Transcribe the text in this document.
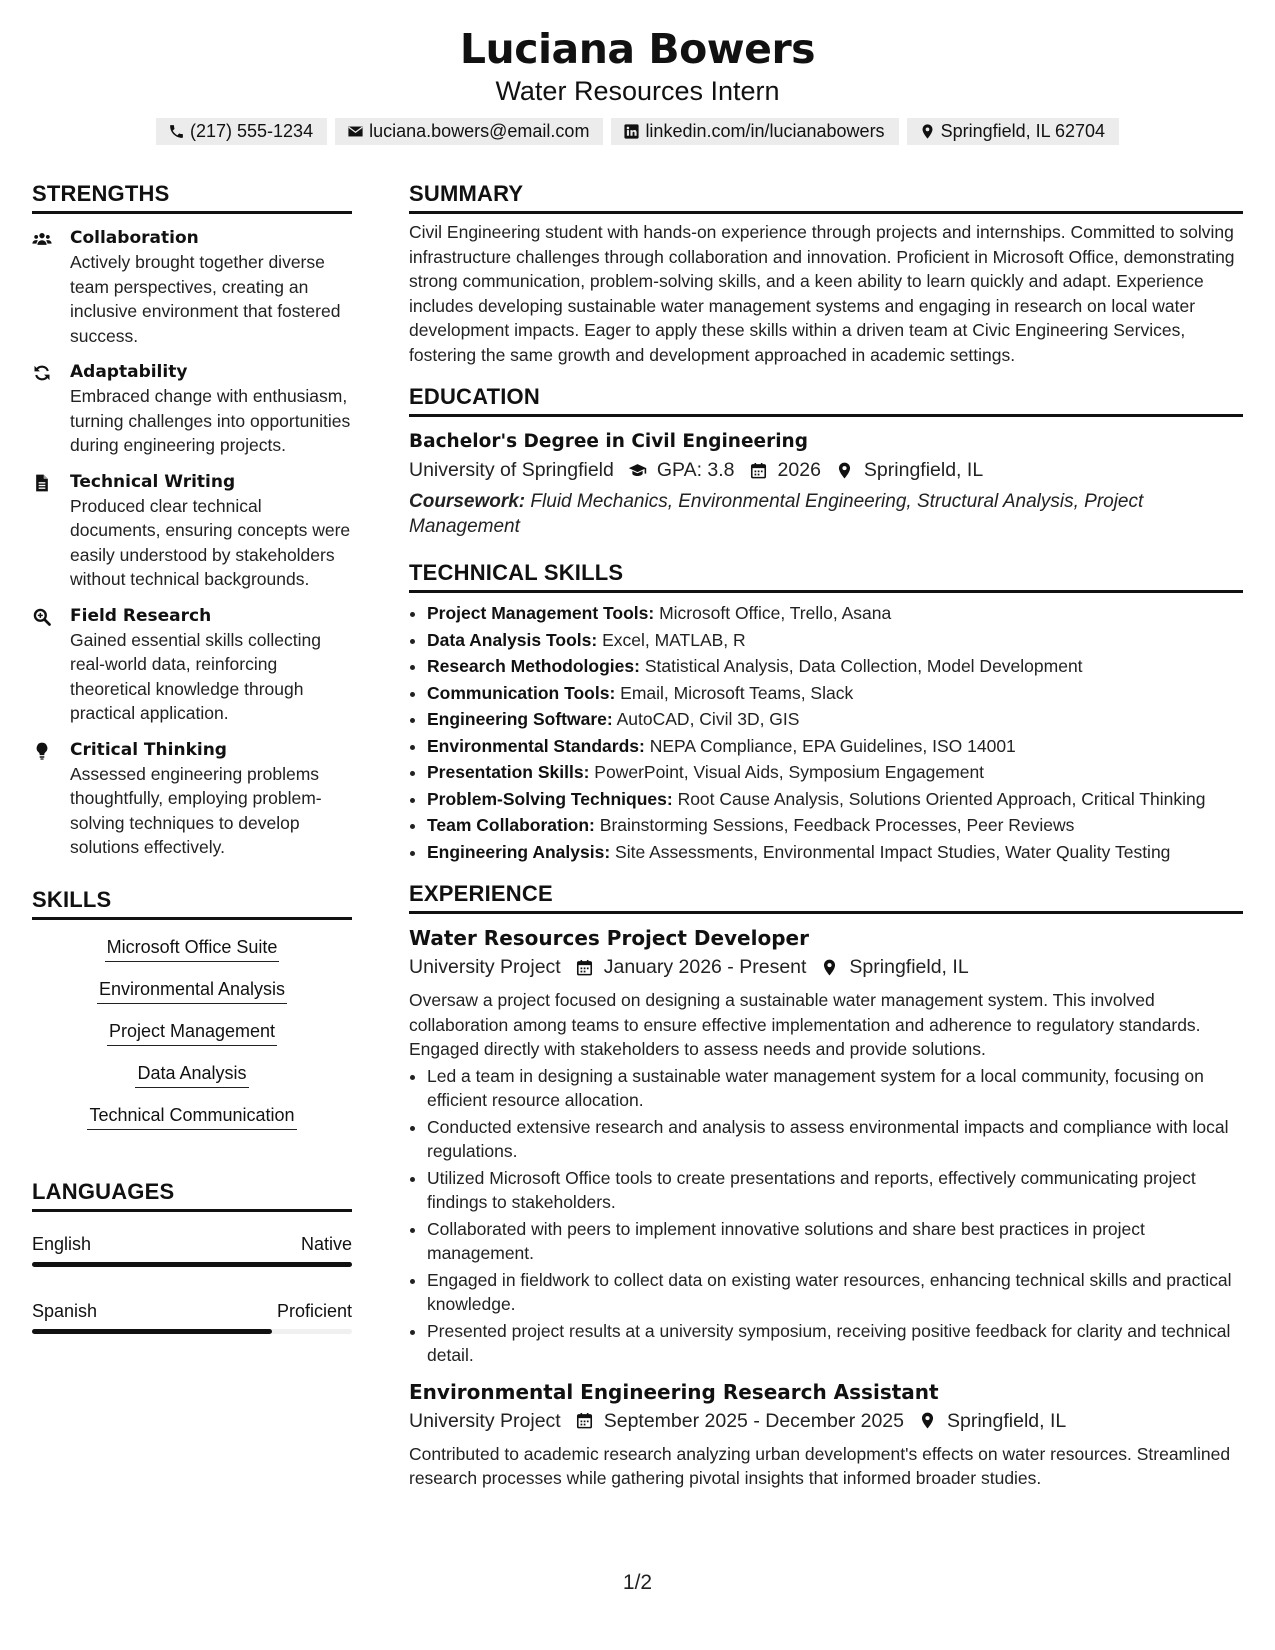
Luciana Bowers
Water Resources Intern
(217) 555-1234	luciana.bowers@email.com	linkedin.com/in/lucianabowers	Springfield, IL 62704
STRENGTHS
Collaboration
Actively brought together diverse team perspectives, creating an inclusive environment that fostered success.
Adaptability
Embraced change with enthusiasm, turning challenges into opportunities during engineering projects.
Technical Writing
Produced clear technical documents, ensuring concepts were easily understood by stakeholders without technical backgrounds.
Field Research
Gained essential skills collecting real-world data, reinforcing theoretical knowledge through practical application.
Critical Thinking
Assessed engineering problems thoughtfully, employing problem-solving techniques to develop solutions effectively.
SKILLS
Microsoft Office Suite
Environmental Analysis
Project Management
Data Analysis
Technical Communication
LANGUAGES
English	Native
Spanish	Proficient
SUMMARY
Civil Engineering student with hands-on experience through projects and internships. Committed to solving infrastructure challenges through collaboration and innovation. Proficient in Microsoft Office, demonstrating strong communication, problem-solving skills, and a keen ability to learn quickly and adapt. Experience includes developing sustainable water management systems and engaging in research on local water development impacts. Eager to apply these skills within a driven team at Civic Engineering Services, fostering the same growth and development approached in academic settings.
EDUCATION
Bachelor's Degree in Civil Engineering
University of Springfield GPA: 3.8 2026 Springfield, IL
Coursework: Fluid Mechanics, Environmental Engineering, Structural Analysis, Project Management
TECHNICAL SKILLS
• Project Management Tools: Microsoft Office, Trello, Asana
• Data Analysis Tools: Excel, MATLAB, R
• Research Methodologies: Statistical Analysis, Data Collection, Model Development
• Communication Tools: Email, Microsoft Teams, Slack
• Engineering Software: AutoCAD, Civil 3D, GIS
• Environmental Standards: NEPA Compliance, EPA Guidelines, ISO 14001
• Presentation Skills: PowerPoint, Visual Aids, Symposium Engagement
• Problem-Solving Techniques: Root Cause Analysis, Solutions Oriented Approach, Critical Thinking
• Team Collaboration: Brainstorming Sessions, Feedback Processes, Peer Reviews
• Engineering Analysis: Site Assessments, Environmental Impact Studies, Water Quality Testing
EXPERIENCE
Water Resources Project Developer
University Project January 2026 - Present Springfield, IL
Oversaw a project focused on designing a sustainable water management system. This involved collaboration among teams to ensure effective implementation and adherence to regulatory standards. Engaged directly with stakeholders to assess needs and provide solutions.
• Led a team in designing a sustainable water management system for a local community, focusing on efficient resource allocation.
• Conducted extensive research and analysis to assess environmental impacts and compliance with local regulations.
• Utilized Microsoft Office tools to create presentations and reports, effectively communicating project findings to stakeholders.
• Collaborated with peers to implement innovative solutions and share best practices in project management.
• Engaged in fieldwork to collect data on existing water resources, enhancing technical skills and practical knowledge.
• Presented project results at a university symposium, receiving positive feedback for clarity and technical detail.
Environmental Engineering Research Assistant
University Project September 2025 - December 2025 Springfield, IL
Contributed to academic research analyzing urban development's effects on water resources. Streamlined research processes while gathering pivotal insights that informed broader studies.
1/2
